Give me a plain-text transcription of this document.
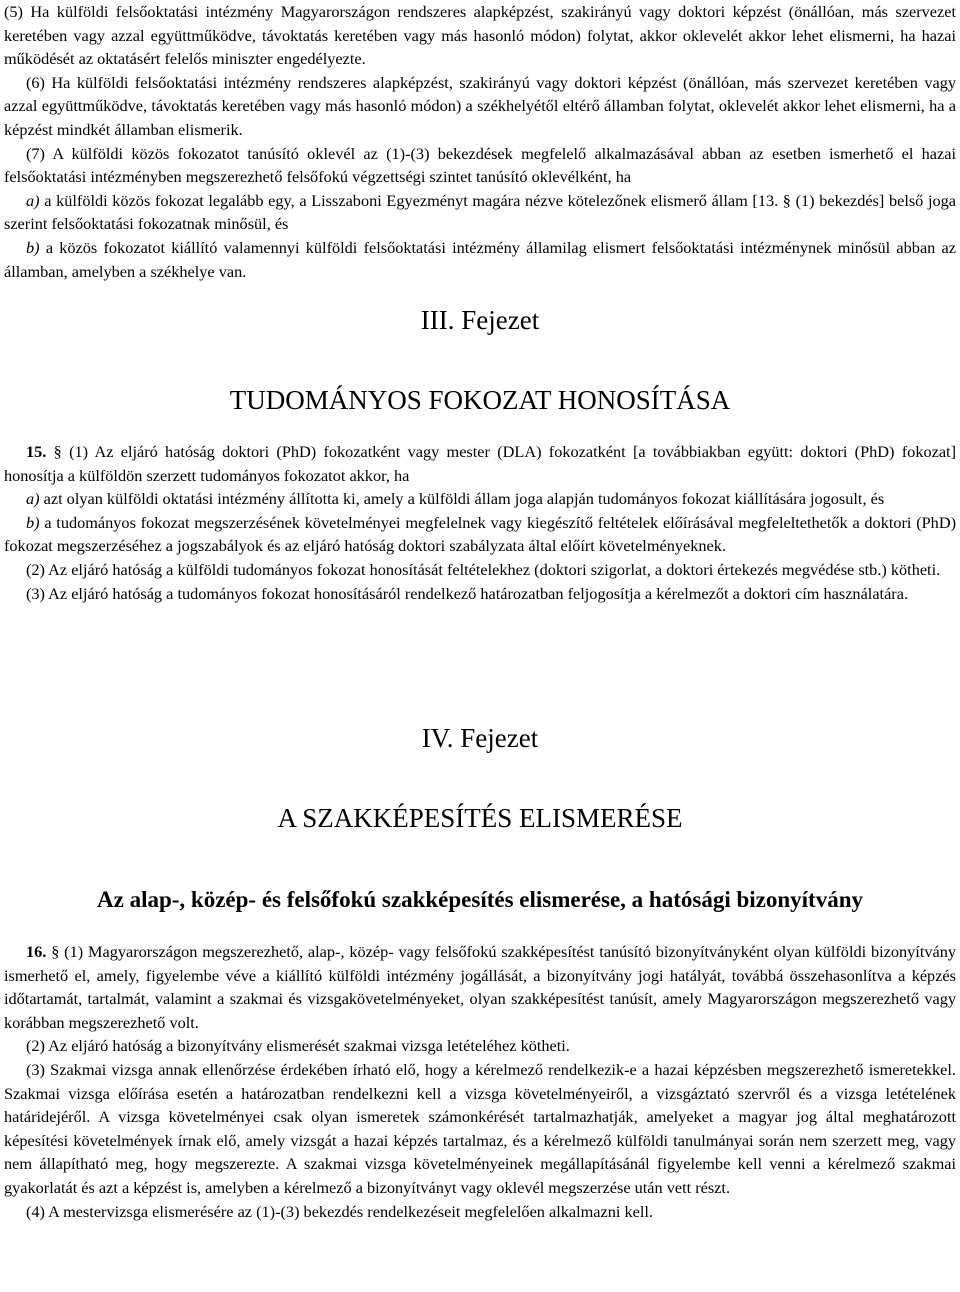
(5) Ha külföldi felsőoktatási intézmény Magyarországon rendszeres alapképzést, szakirányú vagy doktori képzést (önállóan, más szervezet keretében vagy azzal együttműködve, távoktatás keretében vagy más hasonló módon) folytat, akkor oklevelét akkor lehet elismerni, ha hazai működését az oktatásért felelős miniszter engedélyezte.

(6) Ha külföldi felsőoktatási intézmény rendszeres alapképzést, szakirányú vagy doktori képzést (önállóan, más szervezet keretében vagy azzal együttműködve, távoktatás keretében vagy más hasonló módon) a székhelyétől eltérő államban folytat, oklevelét akkor lehet elismerni, ha a képzést mindkét államban elismerik.

(7) A külföldi közös fokozatot tanúsító oklevél az (1)-(3) bekezdések megfelelő alkalmazásával abban az esetben ismerhető el hazai felsőoktatási intézményben megszerezhető felsőfokú végzettségi szintet tanúsító oklevélként, ha

a) a külföldi közös fokozat legalább egy, a Lisszaboni Egyezményt magára nézve kötelezőnek elismerő állam [13. § (1) bekezdés] belső joga szerint felsőoktatási fokozatnak minősül, és

b) a közös fokozatot kiállító valamennyi külföldi felsőoktatási intézmény államilag elismert felsőoktatási intézménynek minősül abban az államban, amelyben a székhelye van.

III. Fejezet
TUDOMÁNYOS FOKOZAT HONOSÍTÁSA

15. § (1) Az eljáró hatóság doktori (PhD) fokozatként vagy mester (DLA) fokozatként [a továbbiakban együtt: doktori (PhD) fokozat] honosítja a külföldön szerzett tudományos fokozatot akkor, ha

a) azt olyan külföldi oktatási intézmény állította ki, amely a külföldi állam joga alapján tudományos fokozat kiállítására jogosult, és

b) a tudományos fokozat megszerzésének követelményei megfelelnek vagy kiegészítő feltételek előírásával megfeleltethetők a doktori (PhD) fokozat megszerzéséhez a jogszabályok és az eljáró hatóság doktori szabályzata által előírt követelményeknek.

(2) Az eljáró hatóság a külföldi tudományos fokozat honosítását feltételekhez (doktori szigorlat, a doktori értekezés megvédése stb.) kötheti.

(3) Az eljáró hatóság a tudományos fokozat honosításáról rendelkező határozatban feljogosítja a kérelmezőt a doktori cím használatára.

IV. Fejezet
A SZAKKÉPESÍTÉS ELISMERÉSE
Az alap-, közép- és felsőfokú szakképesítés elismerése, a hatósági bizonyítvány

16. § (1) Magyarországon megszerezhető, alap-, közép- vagy felsőfokú szakképesítést tanúsító bizonyítványként olyan külföldi bizonyítvány ismerhető el, amely, figyelembe véve a kiállító külföldi intézmény jogállását, a bizonyítvány jogi hatályát, továbbá összehasonlítva a képzés időtartamát, tartalmát, valamint a szakmai és vizsgakövetelményeket, olyan szakképesítést tanúsít, amely Magyarországon megszerezhető vagy korábban megszerezhető volt.

(2) Az eljáró hatóság a bizonyítvány elismerését szakmai vizsga letételéhez kötheti.

(3) Szakmai vizsga annak ellenőrzése érdekében írható elő, hogy a kérelmező rendelkezik-e a hazai képzésben megszerezhető ismeretekkel. Szakmai vizsga előírása esetén a határozatban rendelkezni kell a vizsga követelményeiről, a vizsgáztató szervről és a vizsga letételének határidejéről. A vizsga követelményei csak olyan ismeretek számonkérését tartalmazhatják, amelyeket a magyar jog által meghatározott képesítési követelmények írnak elő, amely vizsgát a hazai képzés tartalmaz, és a kérelmező külföldi tanulmányai során nem szerzett meg, vagy nem állapítható meg, hogy megszerezte. A szakmai vizsga követelményeinek megállapításánál figyelembe kell venni a kérelmező szakmai gyakorlatát és azt a képzést is, amelyben a kérelmező a bizonyítványt vagy oklevél megszerzése után vett részt.

(4) A mestervizsga elismerésére az (1)-(3) bekezdés rendelkezéseit megfelelően alkalmazni kell.
